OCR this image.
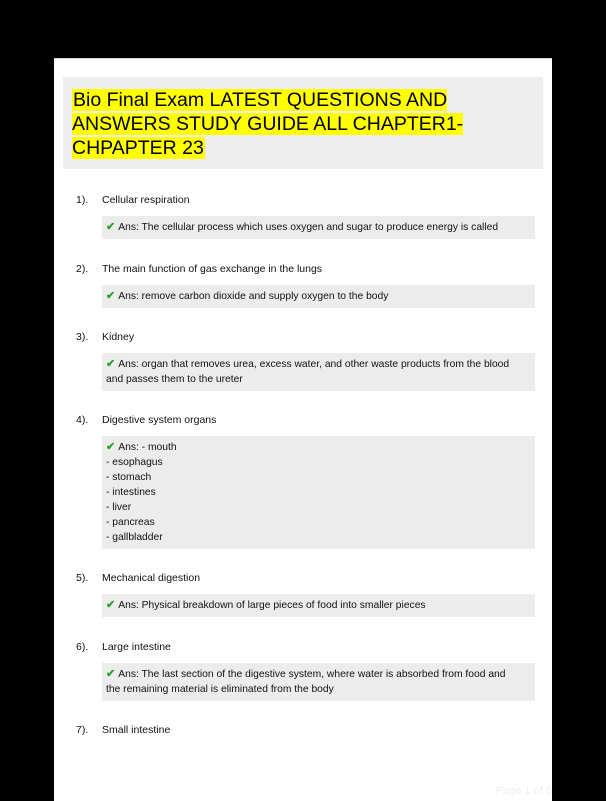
Bio Final Exam LATEST QUESTIONS AND ANSWERS STUDY GUIDE ALL CHAPTER1-CHPAPTER 23
1). Cellular respiration
✔ Ans: The cellular process which uses oxygen and sugar to produce energy is called
2). The main function of gas exchange in the lungs
✔ Ans: remove carbon dioxide and supply oxygen to the body
3). Kidney
✔ Ans: organ that removes urea, excess water, and other waste products from the blood
and passes them to the ureter
4). Digestive system organs
✔ Ans: - mouth
- esophagus
- stomach
- intestines
- liver
- pancreas
- gallbladder
5). Mechanical digestion
✔ Ans: Physical breakdown of large pieces of food into smaller pieces
6). Large intestine
✔ Ans: The last section of the digestive system, where water is absorbed from food and
the remaining material is eliminated from the body
7). Small intestine
Page 1 of 6
